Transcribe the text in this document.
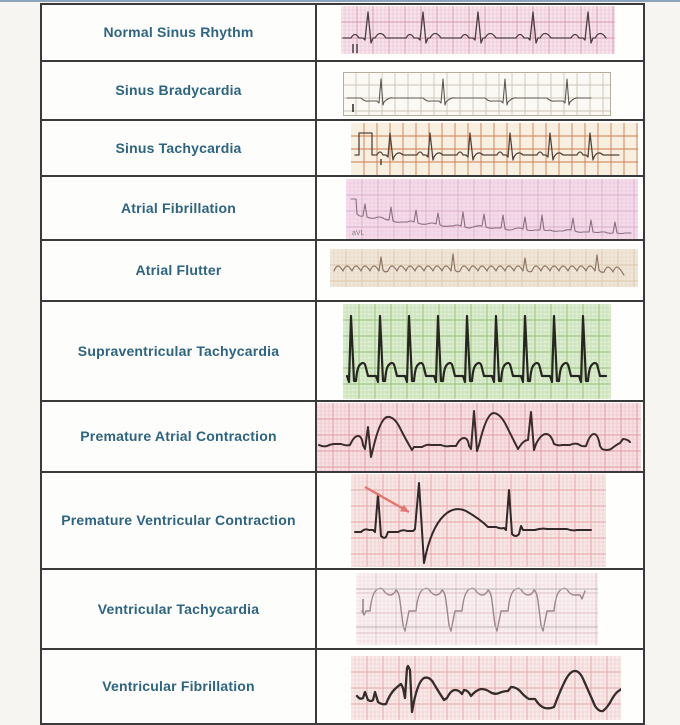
Normal Sinus Rhythm
Sinus Bradycardia
Sinus Tachycardia
Atrial Fibrillation
aVL
Atrial Flutter
Supraventricular Tachycardia
Premature Atrial Contraction
Premature Ventricular Contraction
Ventricular Tachycardia
Ventricular Fibrillation
